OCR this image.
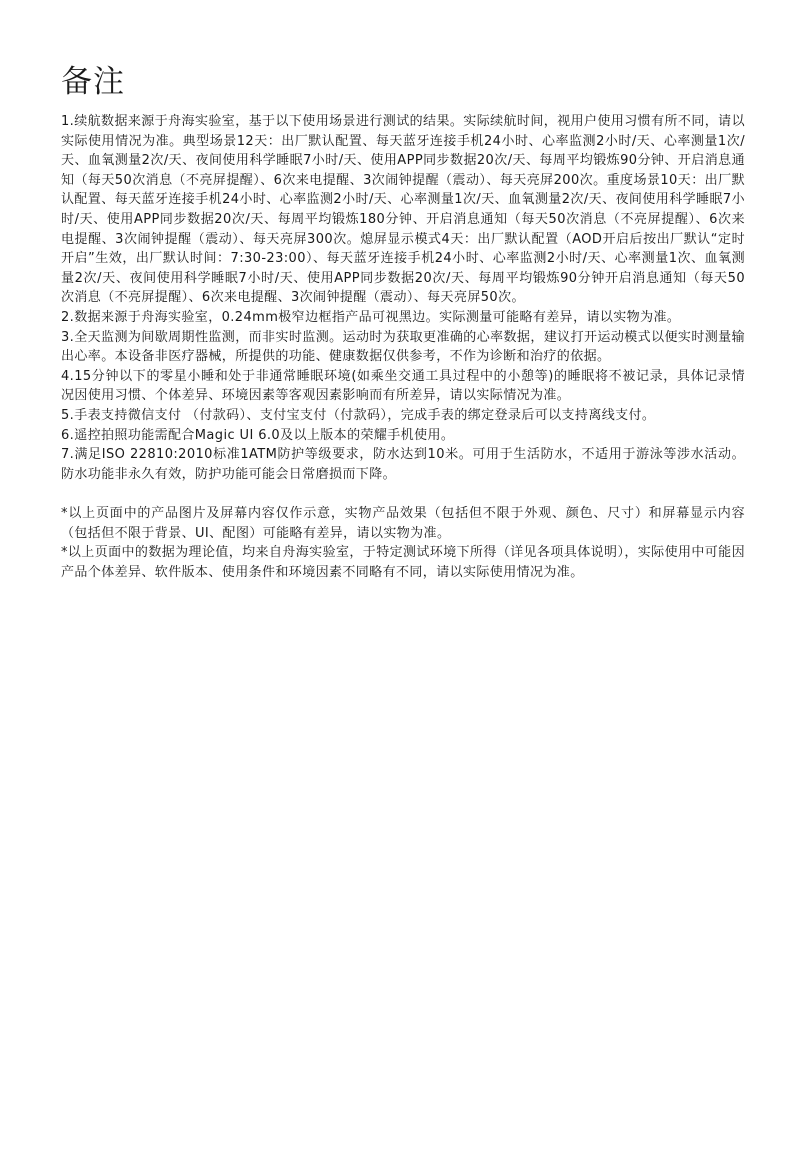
备注

1.续航数据来源于舟海实验室，基于以下使用场景进行测试的结果。实际续航时间，视用户使用习惯有所不同，请以实际使用情况为准。典型场景12天：出厂默认配置、每天蓝牙连接手机24小时、心率监测2小时/天、心率测量1次/天、血氧测量2次/天、夜间使用科学睡眠7小时/天、使用APP同步数据20次/天、每周平均锻炼90分钟、开启消息通知（每天50次消息（不亮屏提醒）、6次来电提醒、3次闹钟提醒（震动）、每天亮屏200次。重度场景10天：出厂默认配置、每天蓝牙连接手机24小时、心率监测2小时/天、心率测量1次/天、血氧测量2次/天、夜间使用科学睡眠7小时/天、使用APP同步数据20次/天、每周平均锻炼180分钟、开启消息通知（每天50次消息（不亮屏提醒）、6次来电提醒、3次闹钟提醒（震动）、每天亮屏300次。熄屏显示模式4天：出厂默认配置（AOD开启后按出厂默认“定时开启”生效，出厂默认时间：7:30-23:00）、每天蓝牙连接手机24小时、心率监测2小时/天、心率测量1次、血氧测量2次/天、夜间使用科学睡眠7小时/天、使用APP同步数据20次/天、每周平均锻炼90分钟开启消息通知（每天50次消息（不亮屏提醒）、6次来电提醒、3次闹钟提醒（震动）、每天亮屏50次。

2.数据来源于舟海实验室，0.24mm极窄边框指产品可视黑边。实际测量可能略有差异，请以实物为准。

3.全天监测为间歇周期性监测，而非实时监测。运动时为获取更准确的心率数据，建议打开运动模式以便实时测量输出心率。本设备非医疗器械，所提供的功能、健康数据仅供参考，不作为诊断和治疗的依据。

4.15分钟以下的零星小睡和处于非通常睡眠环境(如乘坐交通工具过程中的小憩等)的睡眠将不被记录，具体记录情况因使用习惯、个体差异、环境因素等客观因素影响而有所差异，请以实际情况为准。

5.手表支持微信支付 （付款码）、支付宝支付（付款码），完成手表的绑定登录后可以支持离线支付。

6.遥控拍照功能需配合Magic UI 6.0及以上版本的荣耀手机使用。

7.满足ISO 22810:2010标准1ATM防护等级要求，防水达到10米。可用于生活防水，不适用于游泳等涉水活动。防水功能非永久有效，防护功能可能会日常磨损而下降。

*以上页面中的产品图片及屏幕内容仅作示意，实物产品效果（包括但不限于外观、颜色、尺寸）和屏幕显示内容（包括但不限于背景、UI、配图）可能略有差异，请以实物为准。

*以上页面中的数据为理论值，均来自舟海实验室，于特定测试环境下所得（详见各项具体说明），实际使用中可能因产品个体差异、软件版本、使用条件和环境因素不同略有不同，请以实际使用情况为准。
